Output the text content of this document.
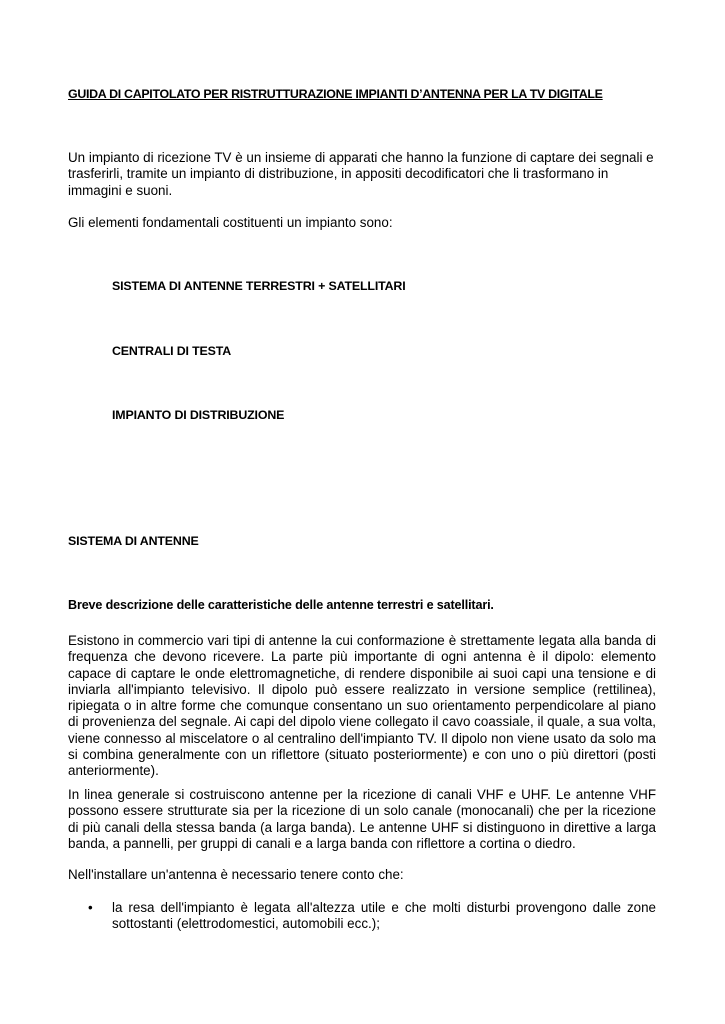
GUIDA DI CAPITOLATO PER RISTRUTTURAZIONE IMPIANTI D’ANTENNA PER LA TV DIGITALE

Un impianto di ricezione TV è un insieme di apparati che hanno la funzione di captare dei segnali e trasferirli, tramite un impianto di distribuzione, in appositi decodificatori che li trasformano in immagini e suoni.

Gli elementi fondamentali costituenti un impianto sono:

SISTEMA DI ANTENNE TERRESTRI + SATELLITARI
CENTRALI DI TESTA
IMPIANTO DI DISTRIBUZIONE
SISTEMA DI ANTENNE
Breve descrizione delle caratteristiche delle antenne terrestri e satellitari.

Esistono in commercio vari tipi di antenne la cui conformazione è strettamente legata alla banda di frequenza che devono ricevere. La parte più importante di ogni antenna è il dipolo: elemento capace di captare le onde elettromagnetiche, di rendere disponibile ai suoi capi una tensione e di inviarla all'impianto televisivo. Il dipolo può essere realizzato in versione semplice (rettilinea), ripiegata o in altre forme che comunque consentano un suo orientamento perpendicolare al piano di provenienza del segnale. Ai capi del dipolo viene collegato il cavo coassiale, il quale, a sua volta, viene connesso al miscelatore o al centralino dell'impianto TV. Il dipolo non viene usato da solo ma si combina generalmente con un riflettore (situato posteriormente) e con uno o più direttori (posti anteriormente).

In linea generale si costruiscono antenne per la ricezione di canali VHF e UHF. Le antenne VHF possono essere strutturate sia per la ricezione di un solo canale (monocanali) che per la ricezione di più canali della stessa banda (a larga banda). Le antenne UHF si distinguono in direttive a larga banda, a pannelli, per gruppi di canali e a larga banda con riflettore a cortina o diedro.

Nell'installare un'antenna è necessario tenere conto che:

•	la resa dell'impianto è legata all'altezza utile e che molti disturbi provengono dalle zone sottostanti (elettrodomestici, automobili ecc.);
